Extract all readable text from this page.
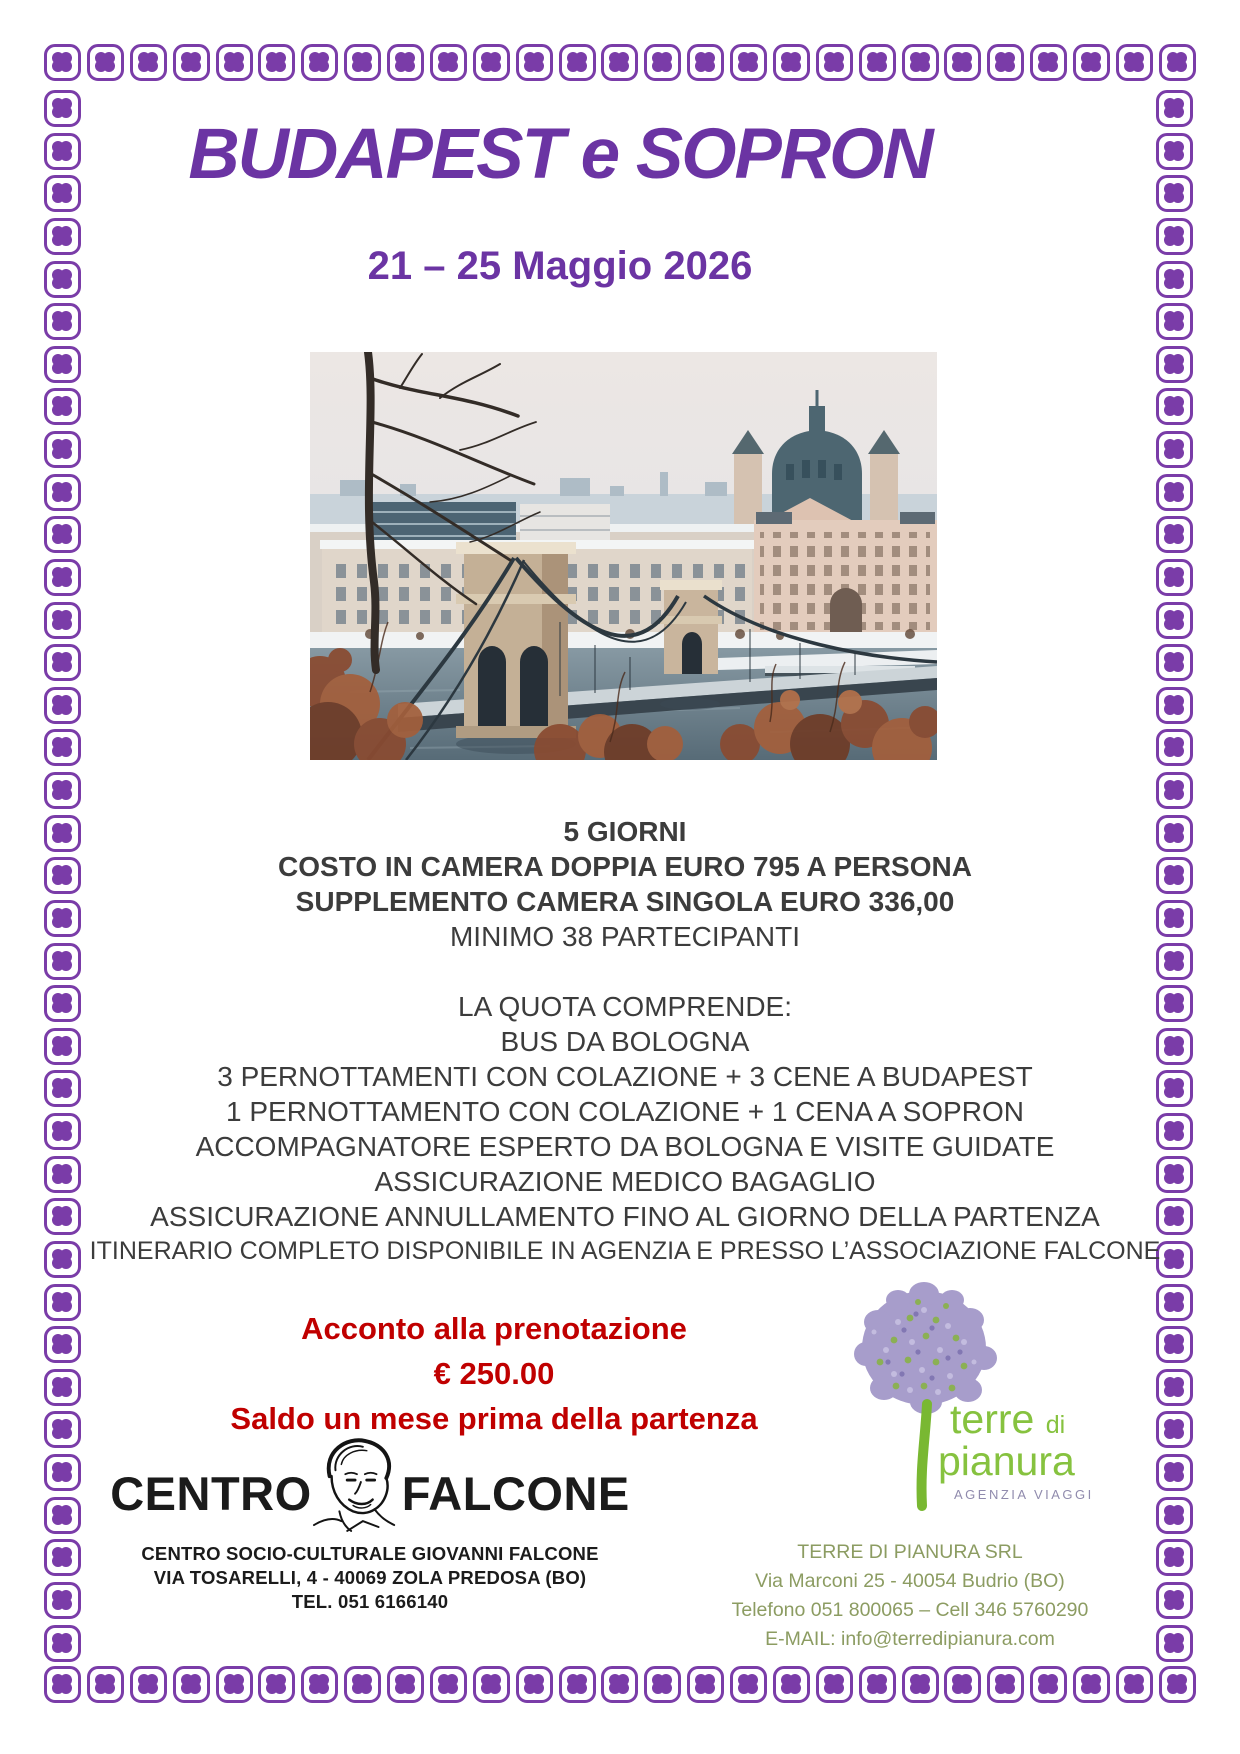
BUDAPEST e SOPRON
21 – 25 Maggio 2026
5 GIORNI
COSTO IN CAMERA DOPPIA EURO 795 A PERSONA
SUPPLEMENTO CAMERA SINGOLA EURO 336,00
MINIMO 38 PARTECIPANTI
LA QUOTA COMPRENDE:
BUS DA BOLOGNA
3 PERNOTTAMENTI CON COLAZIONE + 3 CENE A BUDAPEST
1 PERNOTTAMENTO CON COLAZIONE + 1 CENA A SOPRON
ACCOMPAGNATORE ESPERTO DA BOLOGNA E VISITE GUIDATE
ASSICURAZIONE MEDICO BAGAGLIO
ASSICURAZIONE ANNULLAMENTO FINO AL GIORNO DELLA PARTENZA
ITINERARIO COMPLETO DISPONIBILE IN AGENZIA E PRESSO L’ASSOCIAZIONE FALCONE
Acconto alla prenotazione
€ 250.00
Saldo un mese prima della partenza	terre di
pianura
AGENZIA VIAGGI
CENTRO FALCONE
CENTRO SOCIO-CULTURALE GIOVANNI FALCONE
VIA TOSARELLI, 4 - 40069 ZOLA PREDOSA (BO)
TEL. 051 6166140
TERRE DI PIANURA SRL
Via Marconi 25 - 40054 Budrio (BO)
Telefono 051 800065 – Cell 346 5760290
E-MAIL: info@terredipianura.com
